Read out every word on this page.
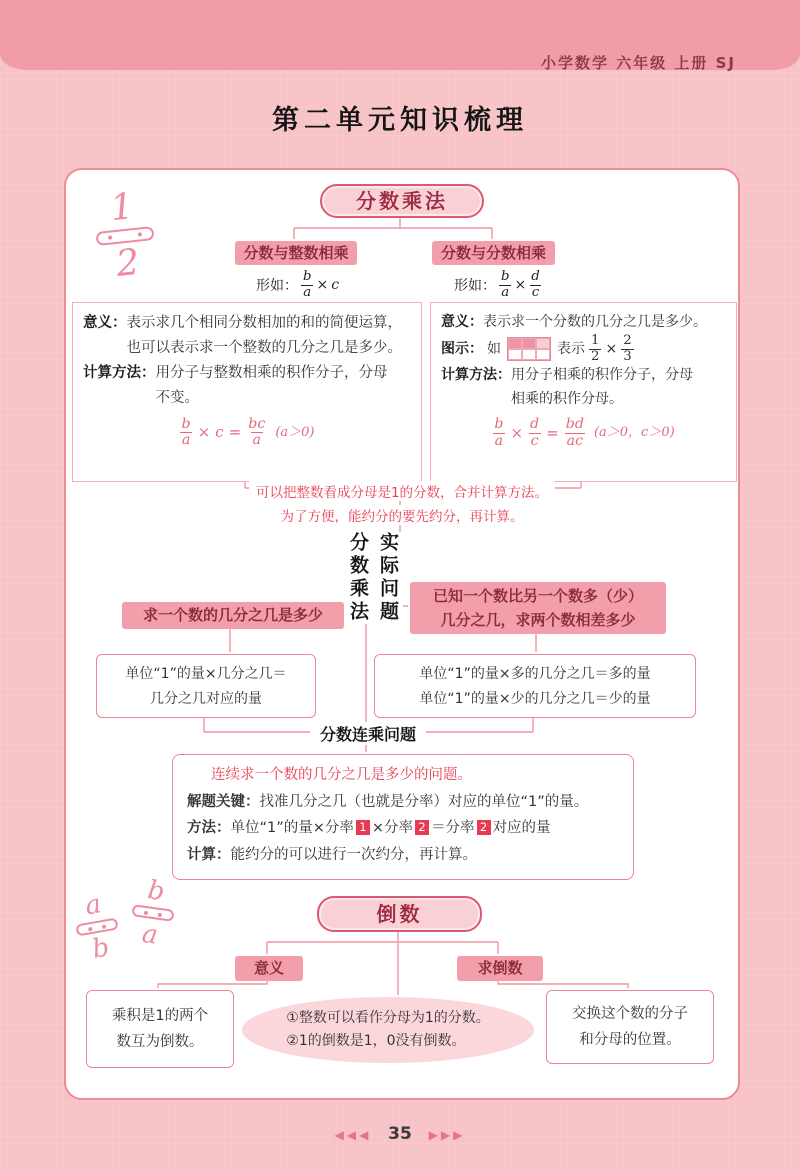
小学数学 六年级 上册 SJ
第二单元知识梳理
1
2
a
b
b
a
分数乘法
分数与整数相乘	分数与分数相乘
形如： $\frac{b}{a} \times c$	形如： $\frac{b}{a} \times \frac{d}{c}$
意义：表示求几个相同分数相加的和的简便运算，
也可以表示求一个整数的几分之几是多少。
计算方法：用分子与整数相乘的积作分子，分母
不变。
$\frac{b}{a} \times c = \frac{bc}{a} (a>0)$
意义：表示求一个分数的几分之几是多少。
图示： 如	表示 $\frac{1}{2} \times \frac{2}{3}$
计算方法：用分子相乘的积作分子，分母
相乘的积作分母。
$\frac{b}{a} \times \frac{d}{c} = \frac{bd}{ac} (a>0$，c＞0)
可以把整数看成分母是1的分数，合并计算方法。
为了方便，能约分的要先约分，再计算。
分数乘法 实际问题
求一个数的几分之几是多少
已知一个数比另一个数多（少）
几分之几，求两个数相差多少
单位“1”的量×几分之几＝
几分之几对应的量
单位“1”的量×多的几分之几＝多的量
单位“1”的量×少的几分之几＝少的量
分数连乘问题
连续求一个数的几分之几是多少的问题。
解题关键：找准几分之几（也就是分率）对应的单位“1”的量。
方法：单位“1”的量×分率 1 ×分率 2 ＝分率 2 对应的量
计算：能约分的可以进行一次约分，再计算。
倒数
意义	求倒数
乘积是1的两个
数互为倒数。
①整数可以看作分母为1的分数。
②1的倒数是1，0没有倒数。
交换这个数的分子
和分母的位置。
◀◀◀ 35 ▶▶▶
